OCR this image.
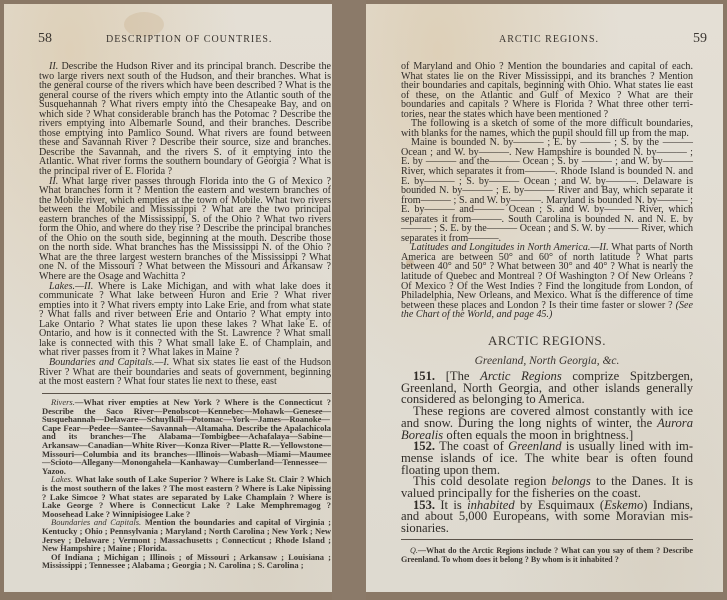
58	DESCRIPTION OF COUNTRIES.

II. Describe the Hudson River and its principal branch. Describe the two large rivers next south of the Hudson, and their branches. What is the general course of the rivers which have been described ? What is the general course of the rivers which empty into the Atlantic south of the Susquehannah ? What rivers empty into the Chesapeake Bay, and on which side ? What considerable branch has the Potomac ? Describe the rivers emptying into Albemarle Sound, and their branches. Describe those emptying into Pamlico Sound. What rivers are found between these and Savannah River ? Describe their source, size and branches. Describe the Savannah, and the rivers S. of it emptying into the Atlantic. What river forms the southern boundary of Georgia ? What is the principal river of E. Florida ?

II. What large river passes through Florida into the G of Mexico ? What branches form it ? Mention the eastern and western branches of the Mobile river, which empties at the town of Mobile. What two rivers between the Mobile and Mississippi ? What are the two principal eastern branches of the Mississippi, S. of the Ohio ? What two rivers form the Ohio, and where do they rise ? Describe the principal branches of the Ohio on the south side, beginning at the mouth. Describe those on the north side. What branches has the Mississippi N. of the Ohio ? What are the three largest western branches of the Mississippi ? What one N. of the Missouri ? What between the Missouri and Arkansaw ? Where are the Osage and Wachitta ?

Lakes.—II. Where is Lake Michigan, and with what lake does it communicate ? What lake between Huron and Erie ? What river empties into it ? What rivers empty into Lake Erie, and from what state ? What falls and river between Erie and Ontario ? What empty into Lake Ontario ? What states lie upon these lakes ? What lake E. of Ontario, and how is it connected with the St. Lawrence ? What small lake is connected with this ? What small lake E. of Champlain, and what river passes from it ? What lakes in Maine ?

Boundaries and Capitals.—I. What six states lie east of the Hudson River ? What are their boundaries and seats of government, beginning at the most eastern ? What four states lie next to these, east

Rivers.—What river empties at New York ? Where is the Connecticut ? Describe the Saco River—Penobscot—Kennebec—Mohawk—Genesee—Susquehannah—Delaware—Schuylkill—Potomac—York—James—Roanoke—Cape Fear—Pedee—Santee—Savannah—Altamaha. Describe the Apalachicola and its branches—The Alabama—Tombigbee—Achafalaya—Sabine—Arkansaw—Canadian—White River—Konza River—Platte R.—Yellowstone—Missouri—Columbia and its branches—Illinois—Wabash—Miami—Maumee—Scioto—Allegany—Monongahela—Kanhaway—Cumberland—Tennessee—Yazoo.

Lakes. What lake south of Lake Superior ? Where is Lake St. Clair ? Which is the most southern of the lakes ? The most eastern ? Where is Lake Nipissing ? Lake Simcoe ? What states are separated by Lake Champlain ? Where is Lake George ? Where is Connecticut Lake ? Lake Memphremagog ? Moosehead Lake ? Winnipisiogee Lake ?

Boundaries and Capitals. Mention the boundaries and capital of Virginia ; Kentucky ; Ohio ; Pennsylvania ; Maryland ; North Carolina ; New York ; New Jersey ; Delaware ; Vermont ; Massachusetts ; Connecticut ; Rhode Island ; New Hampshire ; Maine ; Florida.

Of Indiana ; Michigan ; Illinois ; of Missouri ; Arkansaw ; Louisiana ; Mississippi ; Tennessee ; Alabama ; Georgia ; N. Carolina ; S. Carolina ;

ARCTIC REGIONS.	59

of Maryland and Ohio ? Mention the boundaries and capital of each. What states lie on the River Mississippi, and its branches ? Mention their boundaries and capitals, beginning with Ohio. What states lie east of these, on the Atlantic and Gulf of Mexico ? What are their boundaries and capitals ? Where is Florida ? What three other territories, near the states which have been mentioned ?

The following is a sketch of some of the more difficult boundaries, with blanks for the names, which the pupil should fill up from the map.

Maine is bounded N. by——— ; E. by ——— ; S. by the ——— Ocean ; and W. by———. New Hampshire is bounded N. by——— ; E. by ——— and the——— Ocean ; S. by ——— ; and W. by——— River, which separates it from———. Rhode Island is bounded N. and E. by——— ; S. by——— Ocean ; and W. by———. Delaware is bounded N. by——— ; E. by——— River and Bay, which separate it from——— ; S. and W. by———. Maryland is bounded N. by——— ; E. by——— and——— Ocean ; S. and W. by——— River, which separates it from———. South Carolina is bounded N. and N. E. by——— ; S. E. by the——— Ocean ; and S. W. by ——— River, which separates it from———.

Latitudes and Longitudes in North America.—II. What parts of North America are between 50° and 60° of north latitude ? What parts between 40° and 50° ? What between 30° and 40° ? What is nearly the latitude of Quebec and Montreal ? Of Washington ? Of New Orleans ? Of Mexico ? Of the West Indies ? Find the longitude from London, of Philadelphia, New Orleans, and Mexico. What is the difference of time between these places and London ? Is their time faster or slower ? (See the Chart of the World, and page 45.)

ARCTIC REGIONS.
Greenland, North Georgia, &c.

151. [The Arctic Regions comprize Spitzbergen, Greenland, North Georgia, and other islands generally considered as belonging to America.

These regions are covered almost constantly with ice and snow. During the long nights of winter, the Aurora Borealis often equals the moon in brightness.]

152. The coast of Greenland is usually lined with immense islands of ice. The white bear is often found floating upon them.

This cold desolate region belongs to the Danes. It is valued principally for the fisheries on the coast.

153. It is inhabited by Esquimaux (Eskemo) Indians, and about 5,000 Europeans, with some Moravian missionaries.

Q.—What do the Arctic Regions include ? What can you say of them ? Describe Greenland. To whom does it belong ? By whom is it inhabited ?
